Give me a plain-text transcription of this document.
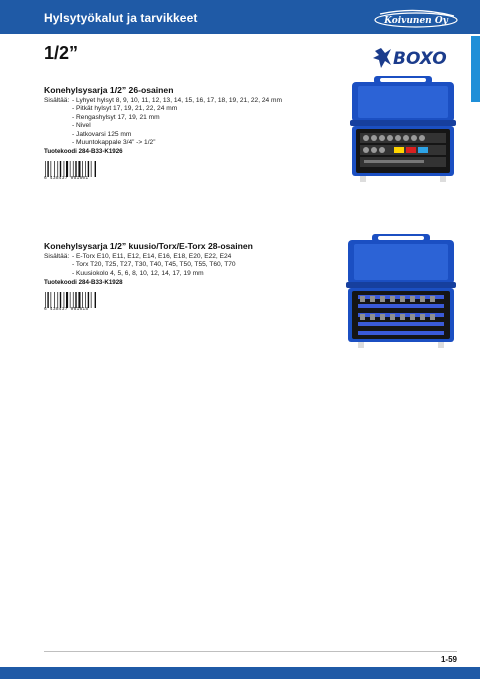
Hylsytyökalut ja tarvikkeet	Koivunen Oy
1/2”	BOXO
Konehylsysarja 1/2” 26-osainen
Sisältää: - Lyhyet hylsyt 8, 9, 10, 11, 12, 13, 14, 15, 16, 17, 18, 19, 21, 22, 24 mm
- Pitkät hylsyt 17, 19, 21, 22, 24 mm
- Rengashylsyt 17, 19, 21 mm
- Nivel
- Jatkovarsi 125 mm
- Muuntokappale 3/4” -> 1/2”
Tuotekoodi 284-B33-K1926
6 438437 051601
Konehylsysarja 1/2” kuusio/Torx/E-Torx 28-osainen
Sisältää: - E-Torx E10, E11, E12, E14, E16, E18, E20, E22, E24
- Torx T20, T25, T27, T30, T40, T45, T50, T55, T60, T70
- Kuusiokolo 4, 5, 6, 8, 10, 12, 14, 17, 19 mm
Tuotekoodi 284-B33-K1928
6 438437 051618
1-59
